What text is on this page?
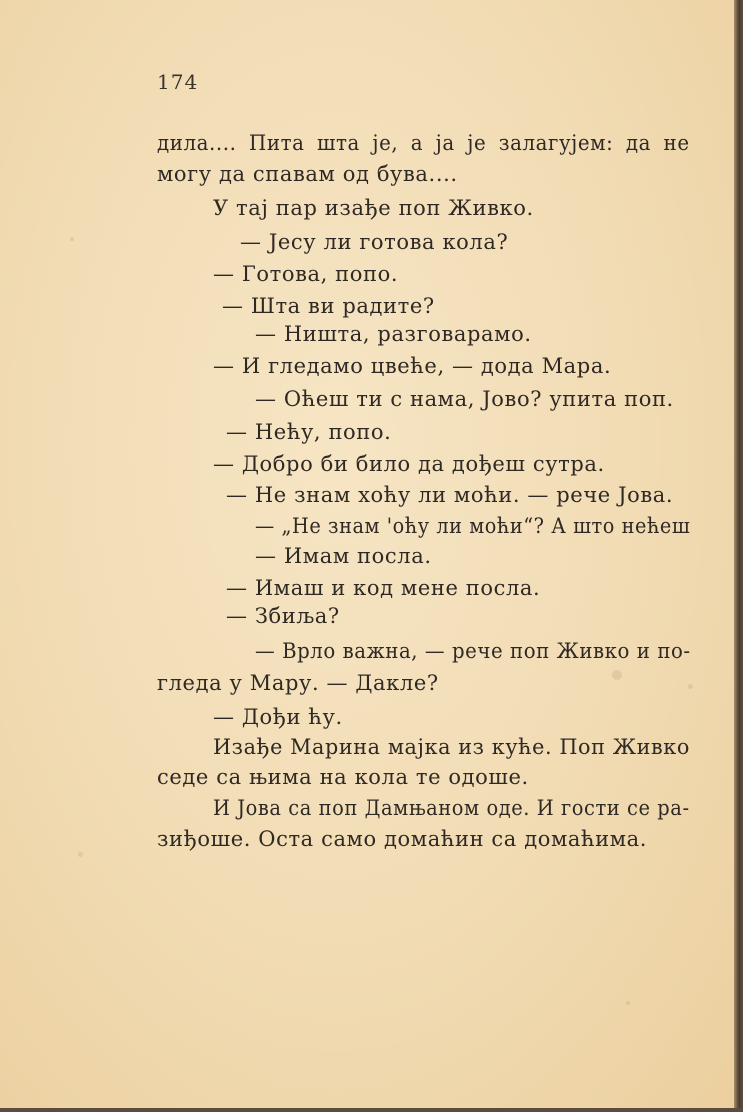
174
дила.... Пита шта је, а ја је залагујем: да не
могу да спавам од бува....
У тај пар изађе поп Живко.
— Јесу ли готова кола?
— Готова, попо.
— Шта ви радите?
— Ништа, разговарамо.
— И гледамо цвеће, — дода Мара.
— Оћеш ти с нама, Јово? упита поп.
— Нећу, попо.
— Добро би било да дођеш сутра.
— Не знам хоћу ли моћи. — рече Јова.
— „Не знам 'оћу ли моћи“? А што нећеш
— Имам посла.
— Имаш и код мене посла.
— Збиља?
— Врло важна, — рече поп Живко и по-
гледа у Мару. — Дакле?
— Дођи ћу.
Изађе Марина мајка из куће. Поп Живко
седе са њима на кола те одоше.
И Јова са поп Дамњаном оде. И гости се ра-
зиђоше. Оста само домаћин са домаћима.
